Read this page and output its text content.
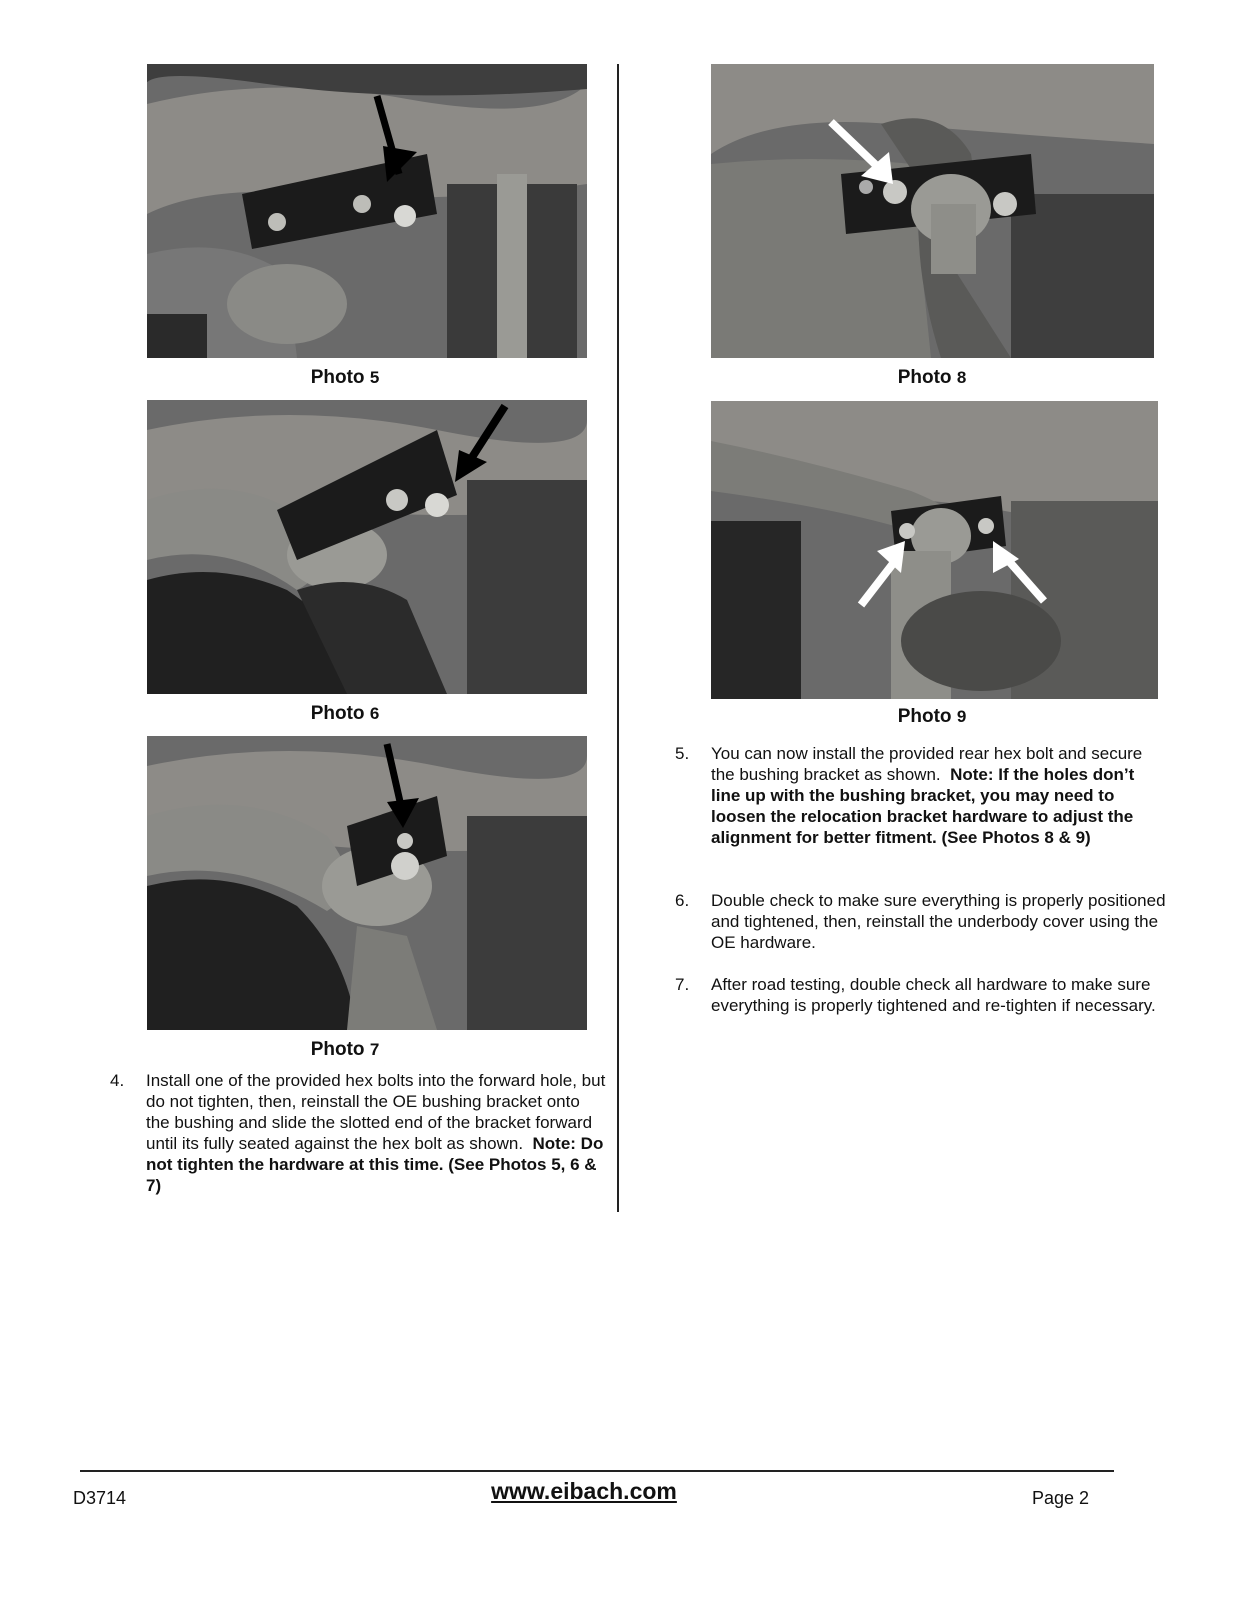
Photo 5
Photo 6
Photo 7
4. Install one of the provided hex bolts into the forward hole, but do not tighten, then, reinstall the OE bushing bracket onto the bushing and slide the slotted end of the bracket forward until its fully seated against the hex bolt as shown. Note: Do not tighten the hardware at this time. (See Photos 5, 6 & 7)
Photo 8
Photo 9
5. You can now install the provided rear hex bolt and secure the bushing bracket as shown. Note: If the holes don’t line up with the bushing bracket, you may need to loosen the relocation bracket hardware to adjust the alignment for better fitment. (See Photos 8 & 9)
6. Double check to make sure everything is properly positioned and tightened, then, reinstall the underbody cover using the OE hardware.
7. After road testing, double check all hardware to make sure everything is properly tightened and re-tighten if necessary.
D3714	www.eibach.com	Page 2
